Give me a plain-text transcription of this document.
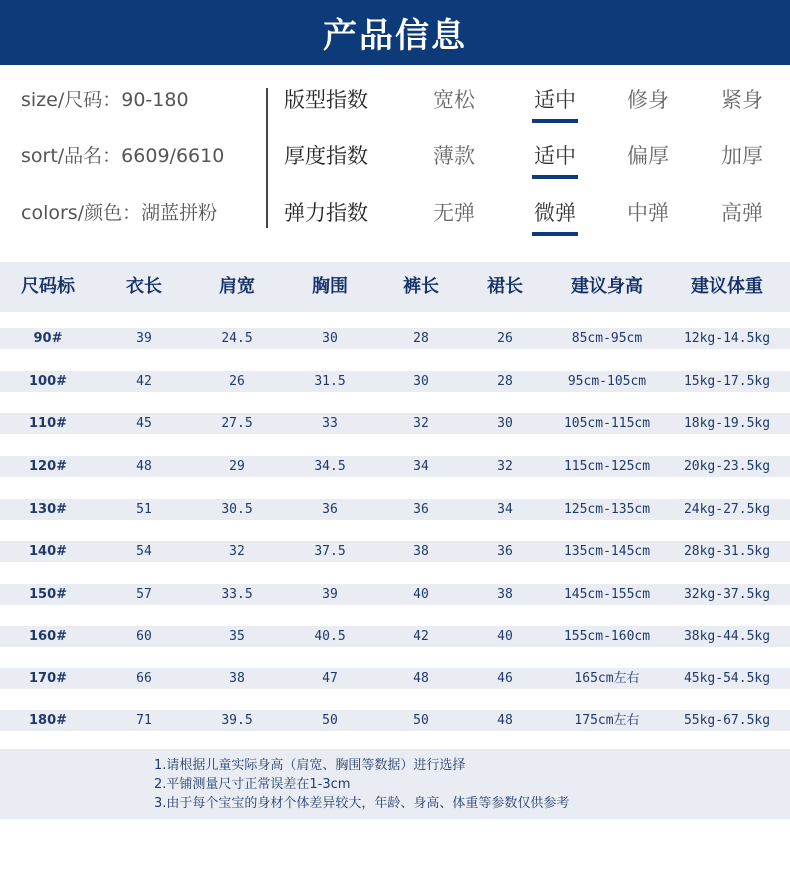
产品信息
size/尺码：90-180
sort/品名：6609/6610
colors/颜色：湖蓝拼粉
版型指数	宽松	适中	修身	紧身
厚度指数	薄款	适中	偏厚	加厚
弹力指数	无弹	微弹	中弹	高弹
尺码标	衣长	肩宽	胸围	裤长	裙长	建议身高	建议体重
90#	39	24.5	30	28	26	85cm-95cm	12kg-14.5kg
100#	42	26	31.5	30	28	95cm-105cm	15kg-17.5kg
110#	45	27.5	33	32	30	105cm-115cm	18kg-19.5kg
120#	48	29	34.5	34	32	115cm-125cm	20kg-23.5kg
130#	51	30.5	36	36	34	125cm-135cm	24kg-27.5kg
140#	54	32	37.5	38	36	135cm-145cm	28kg-31.5kg
150#	57	33.5	39	40	38	145cm-155cm	32kg-37.5kg
160#	60	35	40.5	42	40	155cm-160cm	38kg-44.5kg
170#	66	38	47	48	46	165cm左右	45kg-54.5kg
180#	71	39.5	50	50	48	175cm左右	55kg-67.5kg
1.请根据儿童实际身高（肩宽、胸围等数据）进行选择
2.平铺测量尺寸正常误差在1-3cm
3.由于每个宝宝的身材个体差异较大，年龄、身高、体重等参数仅供参考
